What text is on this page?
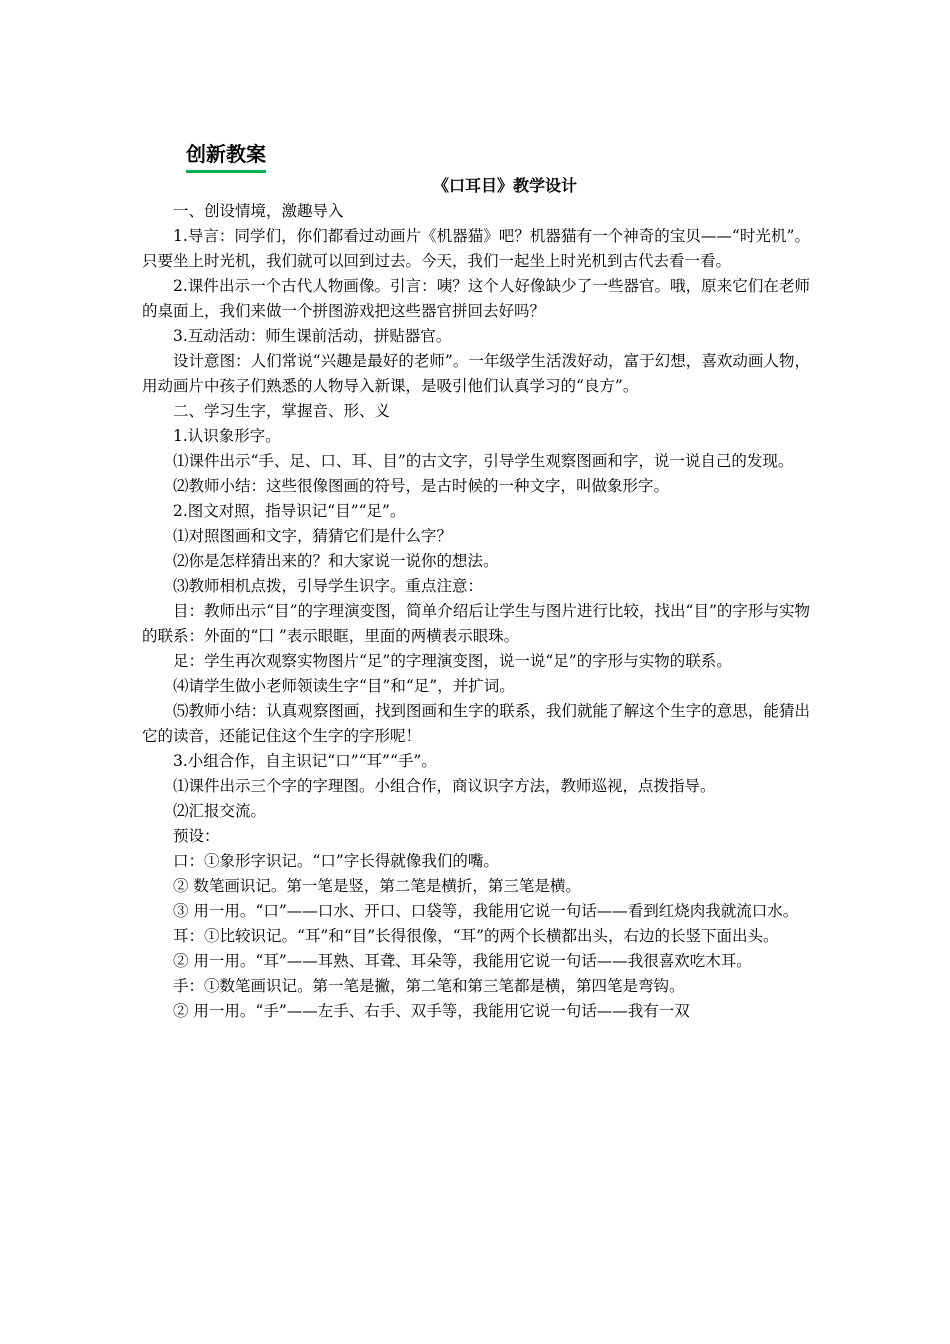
创新教案
《口耳目》教学设计

一、创设情境，激趣导入

1.导言：同学们，你们都看过动画片《机器猫》吧？机器猫有一个神奇的宝贝——“时光机”。只要坐上时光机，我们就可以回到过去。今天，我们一起坐上时光机到古代去看一看。

2.课件出示一个古代人物画像。引言：咦？这个人好像缺少了一些器官。哦，原来它们在老师的桌面上，我们来做一个拼图游戏把这些器官拼回去好吗？

3.互动活动：师生课前活动，拼贴器官。

设计意图：人们常说“兴趣是最好的老师”。一年级学生活泼好动，富于幻想，喜欢动画人物，用动画片中孩子们熟悉的人物导入新课，是吸引他们认真学习的“良方”。

二、学习生字，掌握音、形、义

1.认识象形字。

⑴课件出示“手、足、口、耳、目”的古文字，引导学生观察图画和字，说一说自己的发现。

⑵教师小结：这些很像图画的符号，是古时候的一种文字，叫做象形字。

2.图文对照，指导识记“目”“足”。

⑴对照图画和文字，猜猜它们是什么字？

⑵你是怎样猜出来的？和大家说一说你的想法。

⑶教师相机点拨，引导学生识字。重点注意：

目：教师出示“目”的字理演变图，简单介绍后让学生与图片进行比较，找出“目”的字形与实物的联系：外面的“囗 ”表示眼眶，里面的两横表示眼珠。

足：学生再次观察实物图片“足”的字理演变图，说一说“足”的字形与实物的联系。

⑷请学生做小老师领读生字“目”和“足”，并扩词。

⑸教师小结：认真观察图画，找到图画和生字的联系，我们就能了解这个生字的意思，能猜出它的读音，还能记住这个生字的字形呢！

3.小组合作，自主识记“口”“耳”“手”。

⑴课件出示三个字的字理图。小组合作，商议识字方法，教师巡视，点拨指导。

⑵汇报交流。

预设：

口：①象形字识记。“口”字长得就像我们的嘴。

② 数笔画识记。第一笔是竖，第二笔是横折，第三笔是横。

③ 用一用。“口”——口水、开口、口袋等，我能用它说一句话——看到红烧肉我就流口水。

耳：①比较识记。“耳”和“目”长得很像，“耳”的两个长横都出头，右边的长竖下面出头。

② 用一用。“耳”——耳熟、耳聋、耳朵等，我能用它说一句话——我很喜欢吃木耳。

手：①数笔画识记。第一笔是撇，第二笔和第三笔都是横，第四笔是弯钩。

② 用一用。“手”——左手、右手、双手等，我能用它说一句话——我有一双
